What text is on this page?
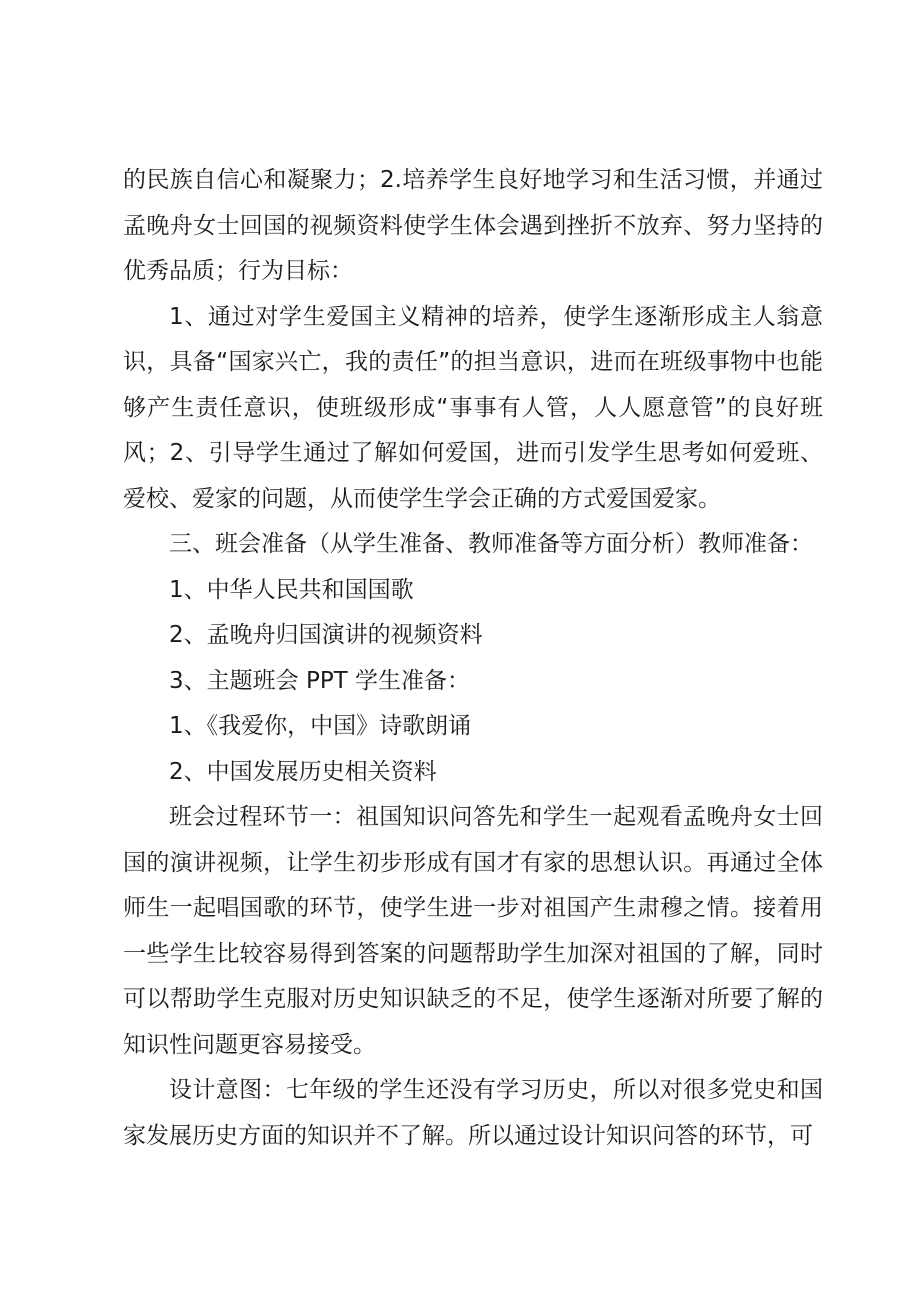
的民族自信心和凝聚力；2.培养学生良好地学习和生活习惯，并通过孟晚舟女士回国的视频资料使学生体会遇到挫折不放弃、努力坚持的优秀品质；行为目标：

1、通过对学生爱国主义精神的培养，使学生逐渐形成主人翁意识，具备“国家兴亡，我的责任”的担当意识，进而在班级事物中也能够产生责任意识，使班级形成“事事有人管，人人愿意管”的良好班风；2、引导学生通过了解如何爱国，进而引发学生思考如何爱班、爱校、爱家的问题，从而使学生学会正确的方式爱国爱家。

三、班会准备（从学生准备、教师准备等方面分析）教师准备：

1、中华人民共和国国歌

2、孟晚舟归国演讲的视频资料

3、主题班会 PPT 学生准备：

1、《我爱你，中国》诗歌朗诵

2、中国发展历史相关资料

班会过程环节一：祖国知识问答先和学生一起观看孟晚舟女士回国的演讲视频，让学生初步形成有国才有家的思想认识。再通过全体师生一起唱国歌的环节，使学生进一步对祖国产生肃穆之情。接着用一些学生比较容易得到答案的问题帮助学生加深对祖国的了解，同时可以帮助学生克服对历史知识缺乏的不足，使学生逐渐对所要了解的知识性问题更容易接受。

设计意图：七年级的学生还没有学习历史，所以对很多党史和国家发展历史方面的知识并不了解。所以通过设计知识问答的环节，可
